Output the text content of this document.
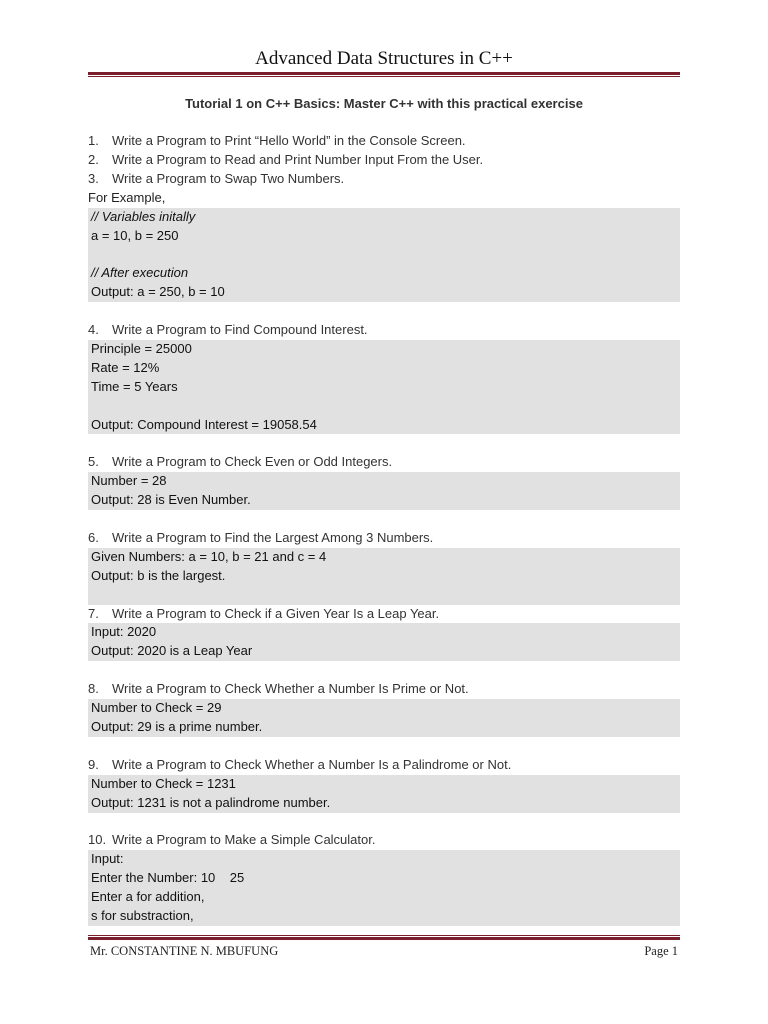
Advanced Data Structures in C++
Tutorial 1 on C++ Basics: Master C++ with this practical exercise

1. Write a Program to Print “Hello World” in the Console Screen.

2. Write a Program to Read and Print Number Input From the User.

3. Write a Program to Swap Two Numbers.

For Example,

// Variables initally
a = 10, b = 250
// After execution
Output: a = 250, b = 10

4. Write a Program to Find Compound Interest.

Principle = 25000
Rate = 12%
Time = 5 Years
Output: Compound Interest = 19058.54

5. Write a Program to Check Even or Odd Integers.

Number = 28
Output: 28 is Even Number.

6. Write a Program to Find the Largest Among 3 Numbers.

Given Numbers: a = 10, b = 21 and c = 4
Output: b is the largest.

7. Write a Program to Check if a Given Year Is a Leap Year.

Input: 2020
Output: 2020 is a Leap Year

8. Write a Program to Check Whether a Number Is Prime or Not.

Number to Check = 29
Output: 29 is a prime number.

9. Write a Program to Check Whether a Number Is a Palindrome or Not.

Number to Check = 1231
Output: 1231 is not a palindrome number.

10. Write a Program to Make a Simple Calculator.

Input:
Enter the Number: 10    25
Enter a for addition,
s for substraction,
Mr. CONSTANTINE N. MBUFUNG	Page 1
